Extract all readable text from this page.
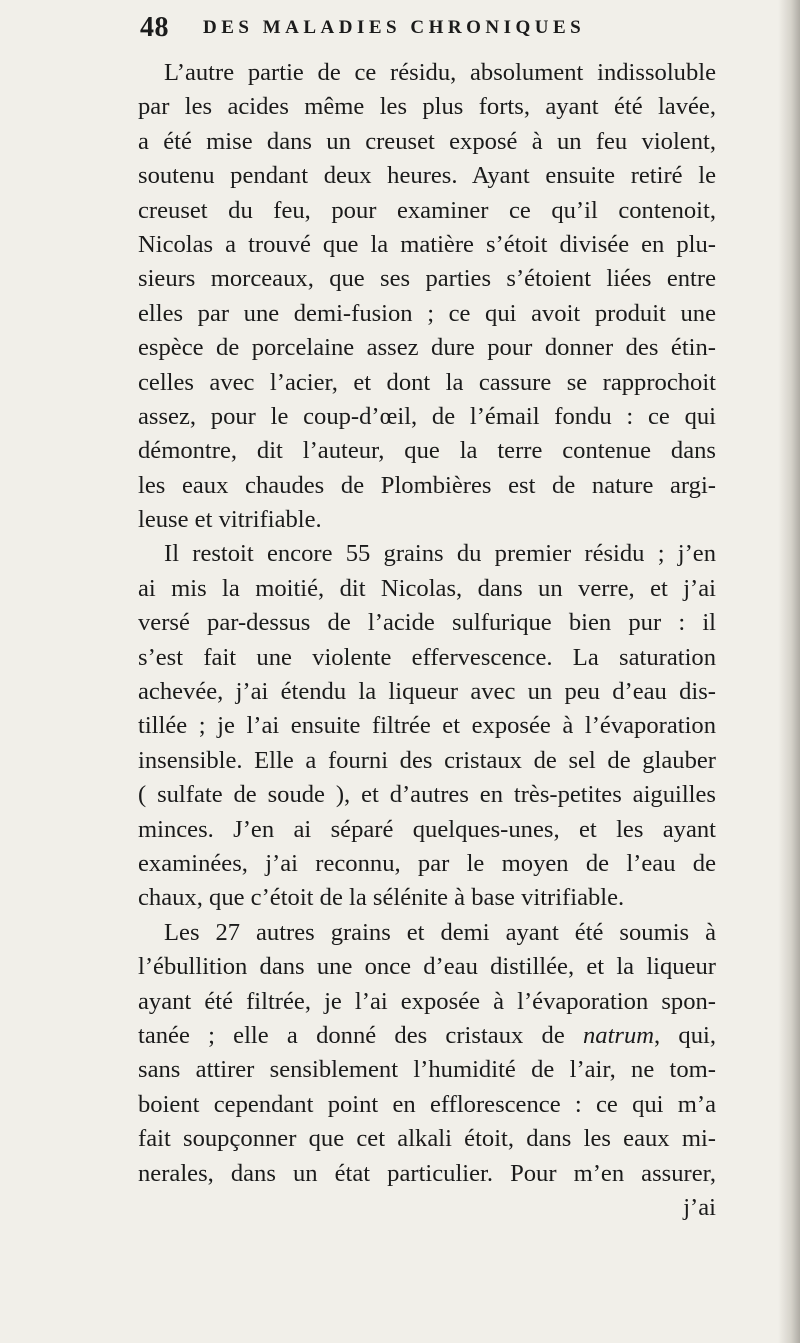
48 DES MALADIES CHRONIQUES
L’autre partie de ce résidu, absolument indissoluble
par les acides même les plus forts, ayant été lavée,
a été mise dans un creuset exposé à un feu violent,
soutenu pendant deux heures. Ayant ensuite retiré le
creuset du feu, pour examiner ce qu’il contenoit,
Nicolas a trouvé que la matière s’étoit divisée en plu-
sieurs morceaux, que ses parties s’étoient liées entre
elles par une demi-fusion ; ce qui avoit produit une
espèce de porcelaine assez dure pour donner des étin-
celles avec l’acier, et dont la cassure se rapprochoit
assez, pour le coup-d’œil, de l’émail fondu : ce qui
démontre, dit l’auteur, que la terre contenue dans
les eaux chaudes de Plombières est de nature argi-
leuse et vitrifiable.
Il restoit encore 55 grains du premier résidu ; j’en
ai mis la moitié, dit Nicolas, dans un verre, et j’ai
versé par-dessus de l’acide sulfurique bien pur : il
s’est fait une violente effervescence. La saturation
achevée, j’ai étendu la liqueur avec un peu d’eau dis-
tillée ; je l’ai ensuite filtrée et exposée à l’évaporation
insensible. Elle a fourni des cristaux de sel de glauber
( sulfate de soude ), et d’autres en très-petites aiguilles
minces. J’en ai séparé quelques-unes, et les ayant
examinées, j’ai reconnu, par le moyen de l’eau de
chaux, que c’étoit de la sélénite à base vitrifiable.
Les 27 autres grains et demi ayant été soumis à
l’ébullition dans une once d’eau distillée, et la liqueur
ayant été filtrée, je l’ai exposée à l’évaporation spon-
tanée ; elle a donné des cristaux de natrum, qui,
sans attirer sensiblement l’humidité de l’air, ne tom-
boient cependant point en efflorescence : ce qui m’a
fait soupçonner que cet alkali étoit, dans les eaux mi-
nerales, dans un état particulier. Pour m’en assurer,
j’ai
